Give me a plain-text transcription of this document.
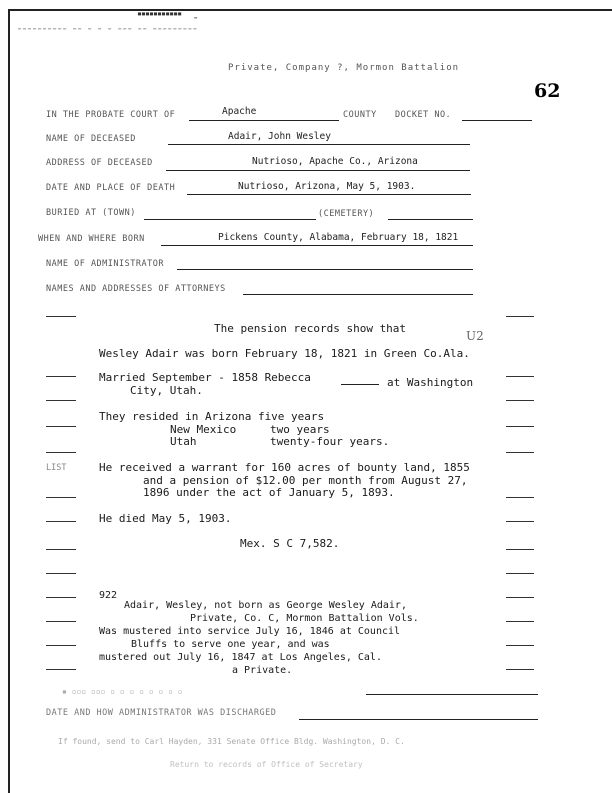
▀▀▀▀▀▀▀▀▀▀▀   ▁
▁▁▁▁▁▁▁▁▁▁ ▁▁ ▁ ▁ ▁ ▁▁▁ ▁▁ ▁▁▁▁▁▁▁▁▁
Private, Company ?, Mormon Battalion
62
IN THE PROBATE COURT OF	Apache	COUNTY DOCKET NO.
NAME OF DECEASED	Adair, John Wesley
ADDRESS OF DECEASED	Nutrioso, Apache Co., Arizona
DATE AND PLACE OF DEATH	Nutrioso, Arizona, May 5, 1903.
BURIED AT (TOWN)	(CEMETERY)
WHEN AND WHERE BORN	Pickens County, Alabama, February 18, 1821
NAME OF ADMINISTRATOR
NAMES AND ADDRESSES OF ATTORNEYS
The pension records show that
U2
Wesley Adair was born February 18, 1821 in Green Co.Ala.
Married September - 1858 Rebecca	at Washington
City, Utah.
They resided in Arizona five years
New Mexico	two years
Utah	twenty-four years.
LIST	He received a warrant for 160 acres of bounty land, 1855
and a pension of $12.00 per month from August 27,
1896 under the act of January 5, 1893.
He died May 5, 1903.
Mex. S C 7,582.
922
Adair, Wesley, not born as George Wesley Adair,
Private, Co. C, Mormon Battalion Vols.
Was mustered into service July 16, 1846 at Council
Bluffs to serve one year, and was
mustered out July 16, 1847 at Los Angeles, Cal.
a Private.
▪ ▫▫▫ ▫▫▫ ▫ ▫ ▫ ▫ ▫ ▫ ▫ ▫
DATE AND HOW ADMINISTRATOR WAS DISCHARGED
If found, send to Carl Hayden, 331 Senate Office Bldg. Washington, D. C.
Return to records of Office of Secretary
